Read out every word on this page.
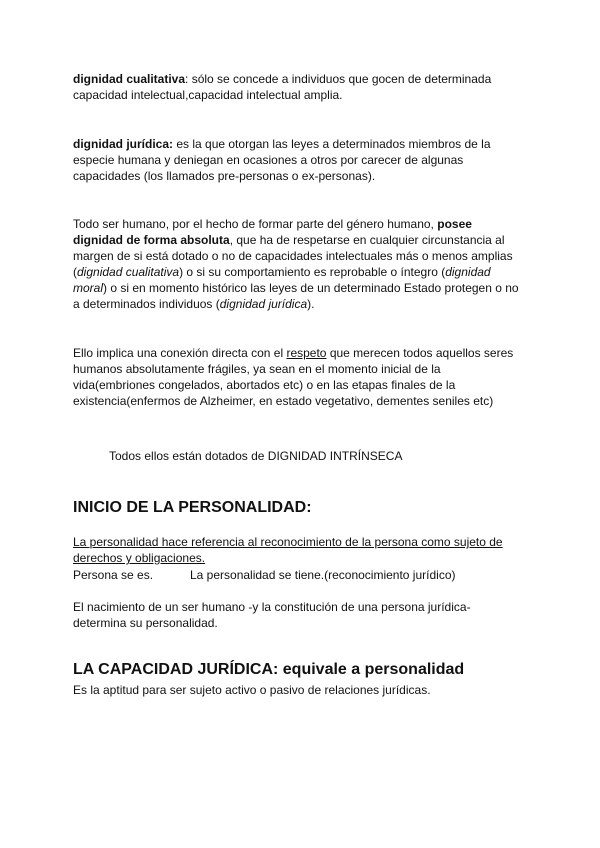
dignidad cualitativa: sólo se concede a individuos que gocen de determinada capacidad intelectual,capacidad intelectual amplia.

dignidad jurídica: es la que otorgan las leyes a determinados miembros de la especie humana y deniegan en ocasiones a otros por carecer de algunas capacidades (los llamados pre-personas o ex-personas).

Todo ser humano, por el hecho de formar parte del género humano, posee dignidad de forma absoluta, que ha de respetarse en cualquier circunstancia al margen de si está dotado o no de capacidades intelectuales más o menos amplias (dignidad cualitativa) o si su comportamiento es reprobable o íntegro (dignidad moral) o si en momento histórico las leyes de un determinado Estado protegen o no a determinados individuos (dignidad jurídica).

Ello implica una conexión directa con el respeto que merecen todos aquellos seres humanos absolutamente frágiles, ya sean en el momento inicial de la vida(embriones congelados, abortados etc) o en las etapas finales de la existencia(enfermos de Alzheimer, en estado vegetativo, dementes seniles etc)

Todos ellos están dotados de DIGNIDAD INTRÍNSECA
INICIO DE LA PERSONALIDAD:

La personalidad hace referencia al reconocimiento de la persona como sujeto de derechos y obligaciones.

Persona se es.	La personalidad se tiene.(reconocimiento jurídico)

El nacimiento de un ser humano -y la constitución de una persona jurídica- determina su personalidad.

LA CAPACIDAD JURÍDICA: equivale a personalidad
Es la aptitud para ser sujeto activo o pasivo de relaciones jurídicas.
